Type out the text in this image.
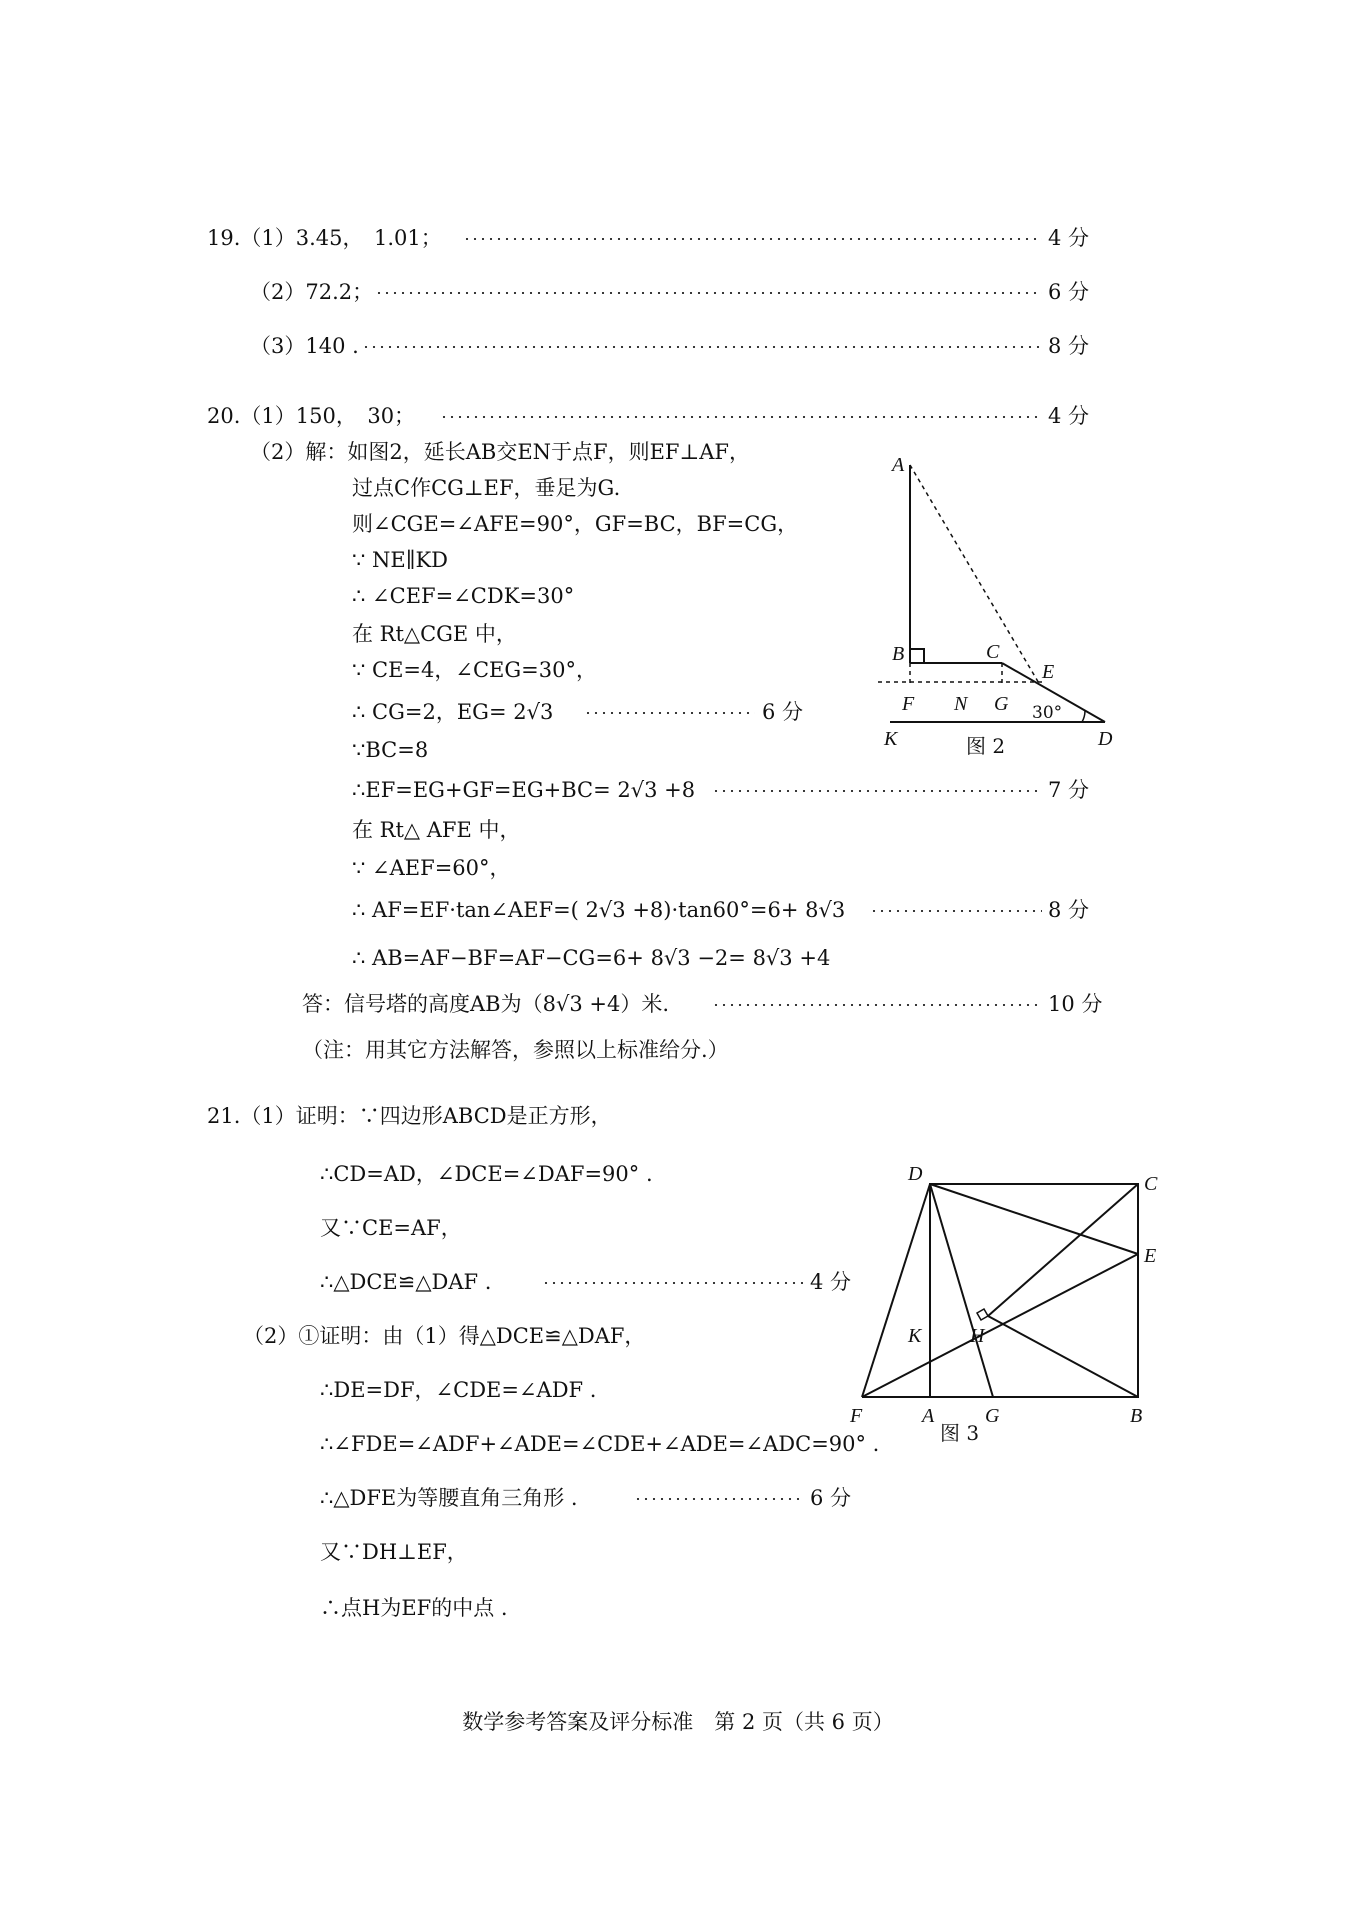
19.（1）3.45，　1.01；	4 分
（2）72.2；	6 分
（3）140 .	8 分
20.（1）150，　30；	4 分
（2）解：如图2，延长AB交EN于点F，则EF⊥AF，
过点C作CG⊥EF，垂足为G.
则∠CGE=∠AFE=90°，GF=BC，BF=CG，
∵ NE∥KD
∴ ∠CEF=∠CDK=30°
在 Rt△CGE 中，
∵ CE=4，∠CEG=30°，
∴ CG=2，EG= 2√3	6 分
∵BC=8
∴EF=EG+GF=EG+BC= 2√3 +8	7 分
在 Rt△ AFE 中，
∵ ∠AEF=60°，
∴ AF=EF·tan∠AEF=( 2√3 +8)·tan60°=6+ 8√3	8 分
∴ AB=AF−BF=AF−CG=6+ 8√3 −2= 8√3 +4
答：信号塔的高度AB为（8√3 +4）米.	10 分
（注：用其它方法解答，参照以上标准给分.）
21.（1）证明：∵四边形ABCD是正方形，
∴CD=AD，∠DCE=∠DAF=90° .
又∵CE=AF，
∴△DCE≌△DAF .	4 分
（2）①证明：由（1）得△DCE≌△DAF，
∴DE=DF，∠CDE=∠ADF .
∴∠FDE=∠ADF+∠ADE=∠CDE+∠ADE=∠ADC=90° .
∴△DFE为等腰直角三角形 .	6 分
又∵DH⊥EF，
∴点H为EF的中点 .
A
B	C
E
F N G 30°
K	D
图 2
D	C
E
K H
F	A	G	B
图 3
数学参考答案及评分标准　第 2 页（共 6 页）
